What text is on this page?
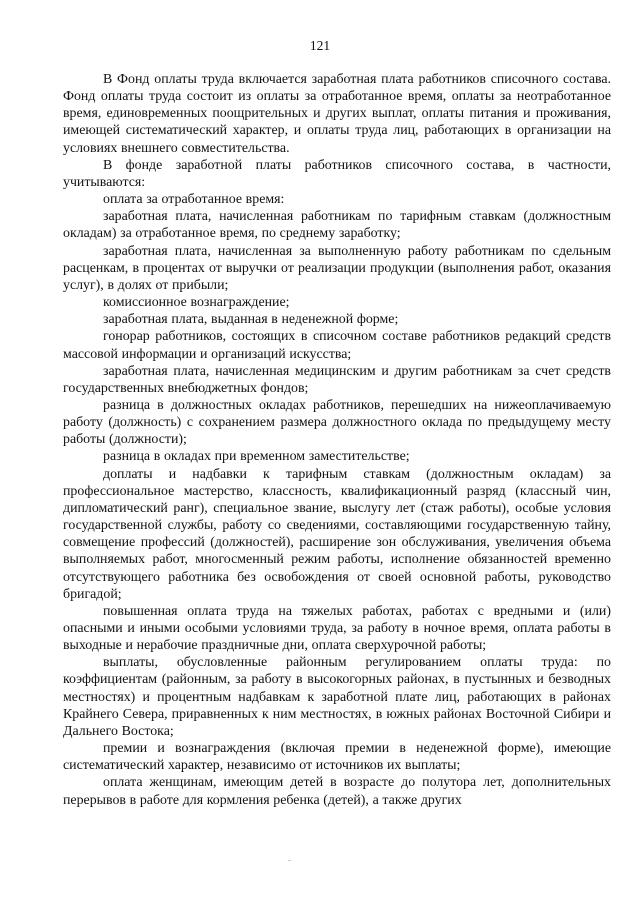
121

В Фонд оплаты труда включается заработная плата работников списочного состава. Фонд оплаты труда состоит из оплаты за отработанное время, оплаты за неотработанное время, единовременных поощрительных и других выплат, оплаты питания и проживания, имеющей систематический характер, и оплаты труда лиц, работающих в организации на условиях внешнего совместительства.

В фонде заработной платы работников списочного состава, в частности, учитываются:

оплата за отработанное время:

заработная плата, начисленная работникам по тарифным ставкам (должностным окладам) за отработанное время, по среднему заработку;

заработная плата, начисленная за выполненную работу работникам по сдельным расценкам, в процентах от выручки от реализации продукции (выполнения работ, оказания услуг), в долях от прибыли;

комиссионное вознаграждение;

заработная плата, выданная в неденежной форме;

гонорар работников, состоящих в списочном составе работников редакций средств массовой информации и организаций искусства;

заработная плата, начисленная медицинским и другим работникам за счет средств государственных внебюджетных фондов;

разница в должностных окладах работников, перешедших на нижеоплачиваемую работу (должность) с сохранением размера должностного оклада по предыдущему месту работы (должности);

разница в окладах при временном заместительстве;

доплаты и надбавки к тарифным ставкам (должностным окладам) за профессиональное мастерство, классность, квалификационный разряд (классный чин, дипломатический ранг), специальное звание, выслугу лет (стаж работы), особые условия государственной службы, работу со сведениями, составляющими государственную тайну, совмещение профессий (должностей), расширение зон обслуживания, увеличения объема выполняемых работ, многосменный режим работы, исполнение обязанностей временно отсутствующего работника без освобождения от своей основной работы, руководство бригадой;

повышенная оплата труда на тяжелых работах, работах с вредными и (или) опасными и иными особыми условиями труда, за работу в ночное время, оплата работы в выходные и нерабочие праздничные дни, оплата сверхурочной работы;

выплаты, обусловленные районным регулированием оплаты труда: по коэффициентам (районным, за работу в высокогорных районах, в пустынных и безводных местностях) и процентным надбавкам к заработной плате лиц, работающих в районах Крайнего Севера, приравненных к ним местностях, в южных районах Восточной Сибири и Дальнего Востока;

премии и вознаграждения (включая премии в неденежной форме), имеющие систематический характер, независимо от источников их выплаты;

оплата женщинам, имеющим детей в возрасте до полутора лет, дополнительных перерывов в работе для кормления ребенка (детей), а также других
